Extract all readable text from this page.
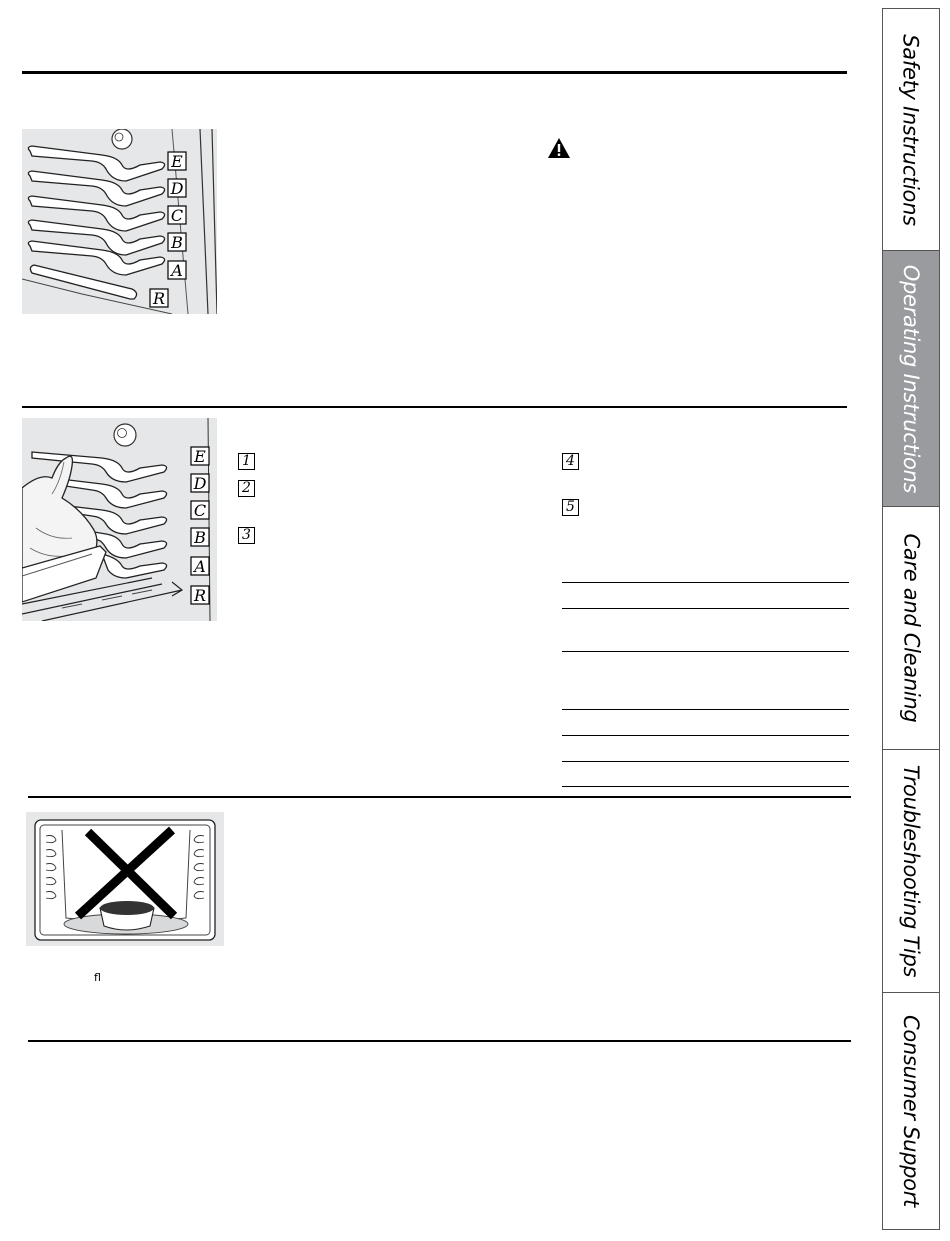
E
D
C
B
A
R
E
D
C
B
A
R
1
2
3
4
5
fl
Safety Instructions
Operating Instructions
Care and Cleaning
Troubleshooting Tips
Consumer Support
